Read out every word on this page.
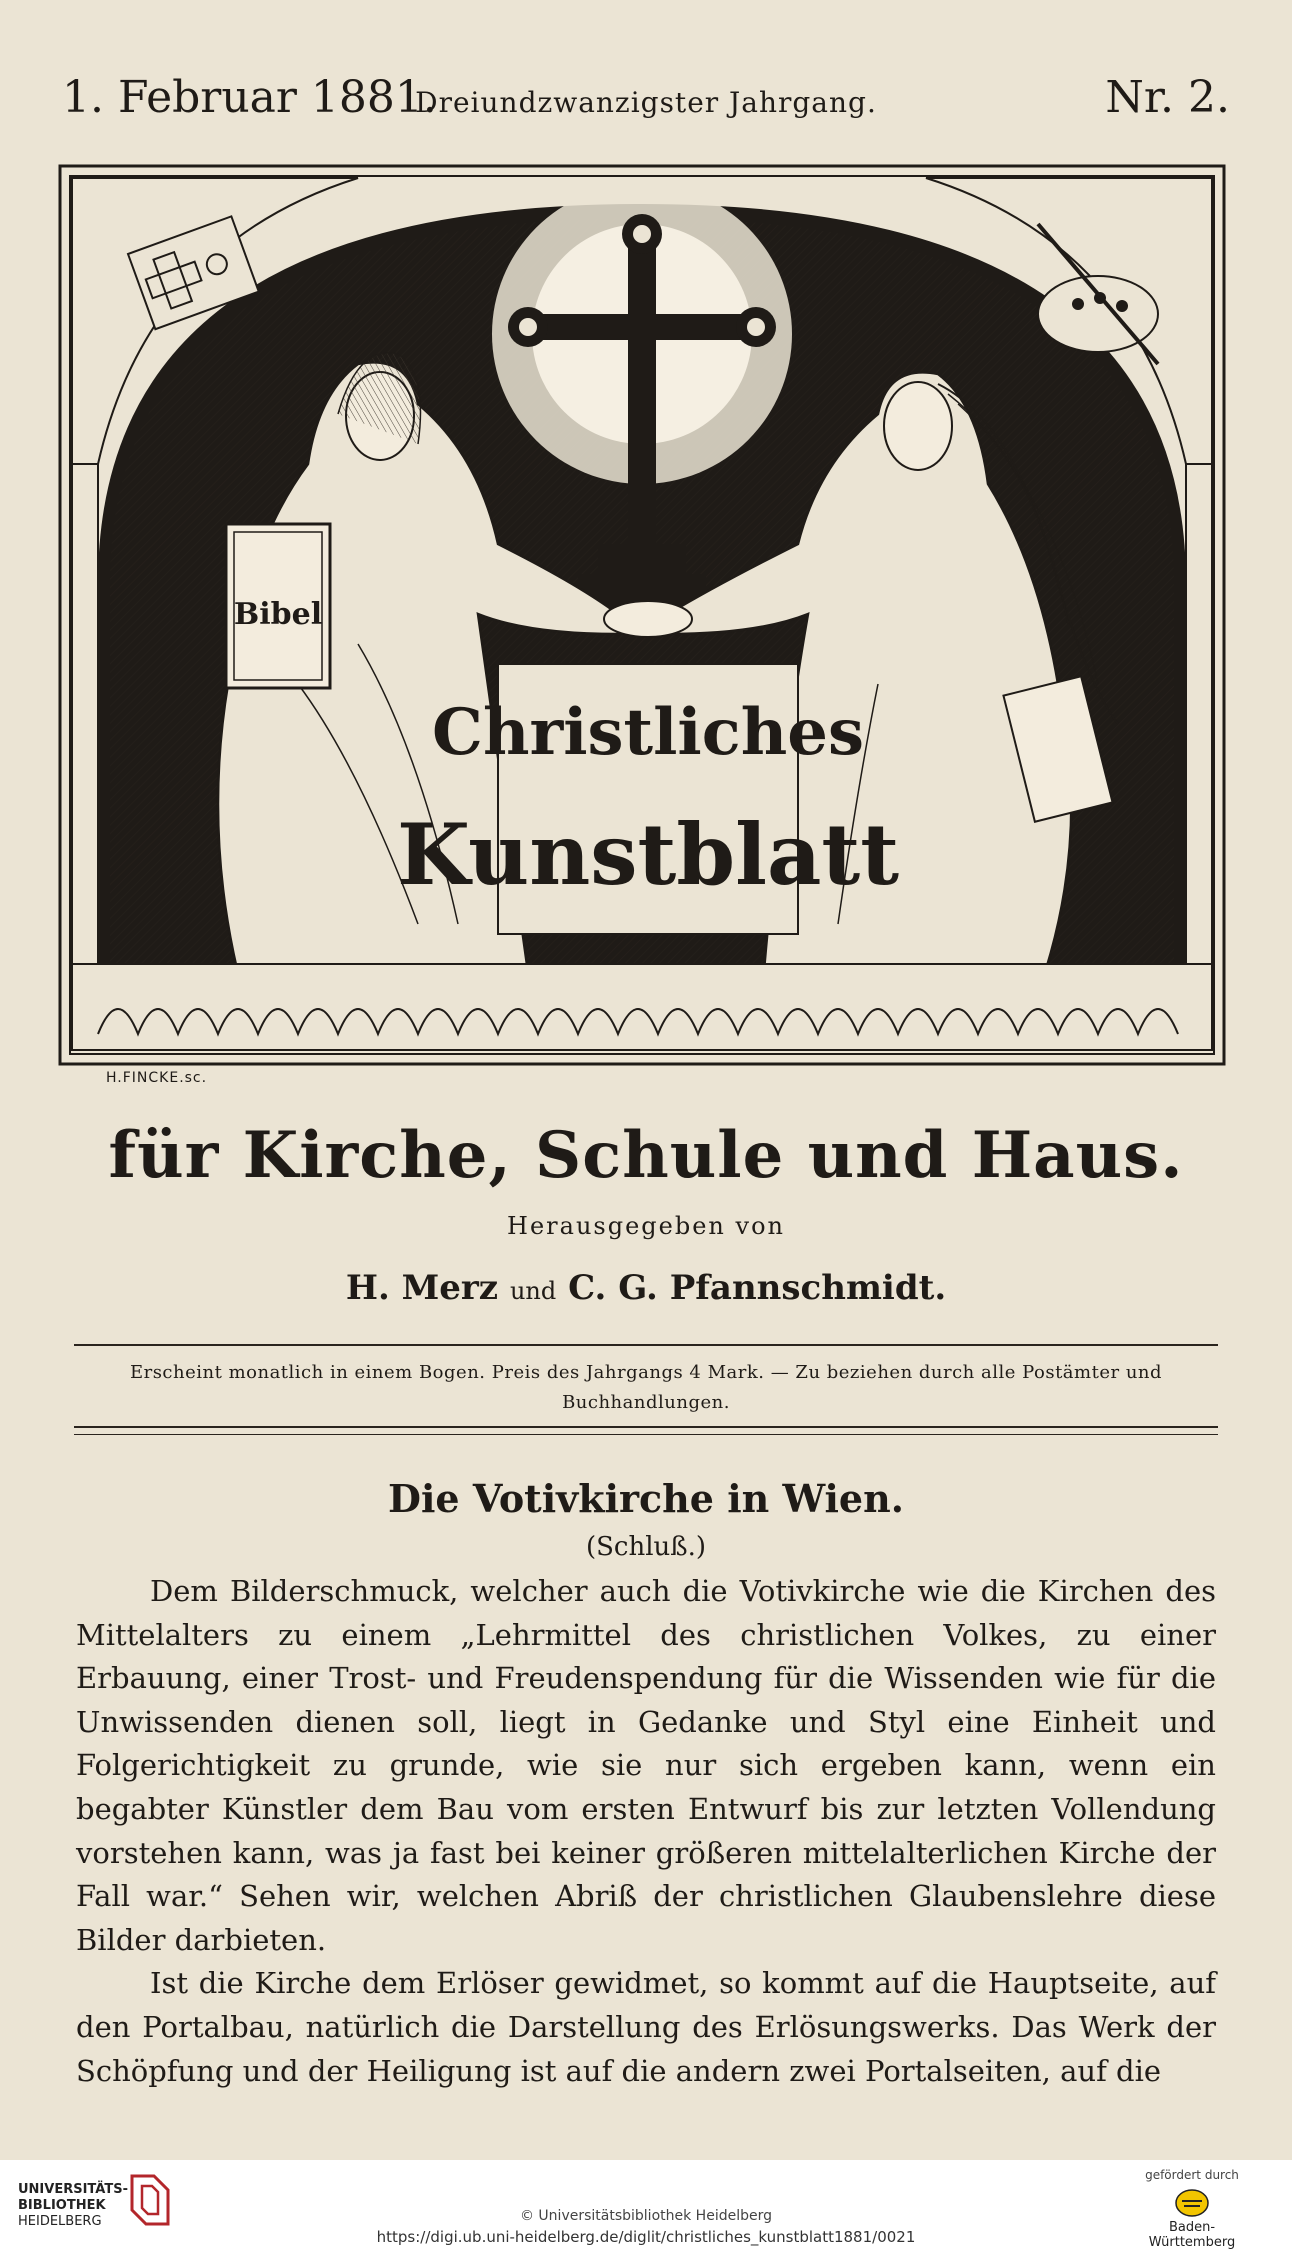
1. Februar 1881.
Dreiundzwanzigster Jahrgang.	Nr. 2.
Bibel
Christliches
Kunstblatt
H.FINCKE.sc.
für Kirche, Schule und Haus.
Herausgegeben von
H. Merz und C. G. Pfannschmidt.
Erscheint monatlich in einem Bogen. Preis des Jahrgangs 4 Mark. — Zu beziehen durch alle Postämter und Buchhandlungen.
Die Votivkirche in Wien.
(Schluß.)

Dem Bilderschmuck, welcher auch die Votivkirche wie die Kirchen des Mittelalters zu einem „Lehrmittel des christlichen Volkes, zu einer Erbauung, einer Trost- und Freudenspendung für die Wissenden wie für die Unwissenden dienen soll, liegt in Gedanke und Styl eine Einheit und Folgerichtigkeit zu grunde, wie sie nur sich ergeben kann, wenn ein begabter Künstler dem Bau vom ersten Entwurf bis zur letzten Vollendung vorstehen kann, was ja fast bei keiner größeren mittelalterlichen Kirche der Fall war.“ Sehen wir, welchen Abriß der christlichen Glaubenslehre diese Bilder darbieten.

Ist die Kirche dem Erlöser gewidmet, so kommt auf die Hauptseite, auf den Portalbau, natürlich die Darstellung des Erlösungswerks. Das Werk der Schöpfung und der Heiligung ist auf die andern zwei Portalseiten, auf die

UNIVERSITÄTS-
BIBLIOTHEK
HEIDELBERG	© Universitätsbibliothek Heidelberg
https://digi.ub.uni-heidelberg.de/diglit/christliches_kunstblatt1881/0021
gefördert durch
Baden-Württemberg
